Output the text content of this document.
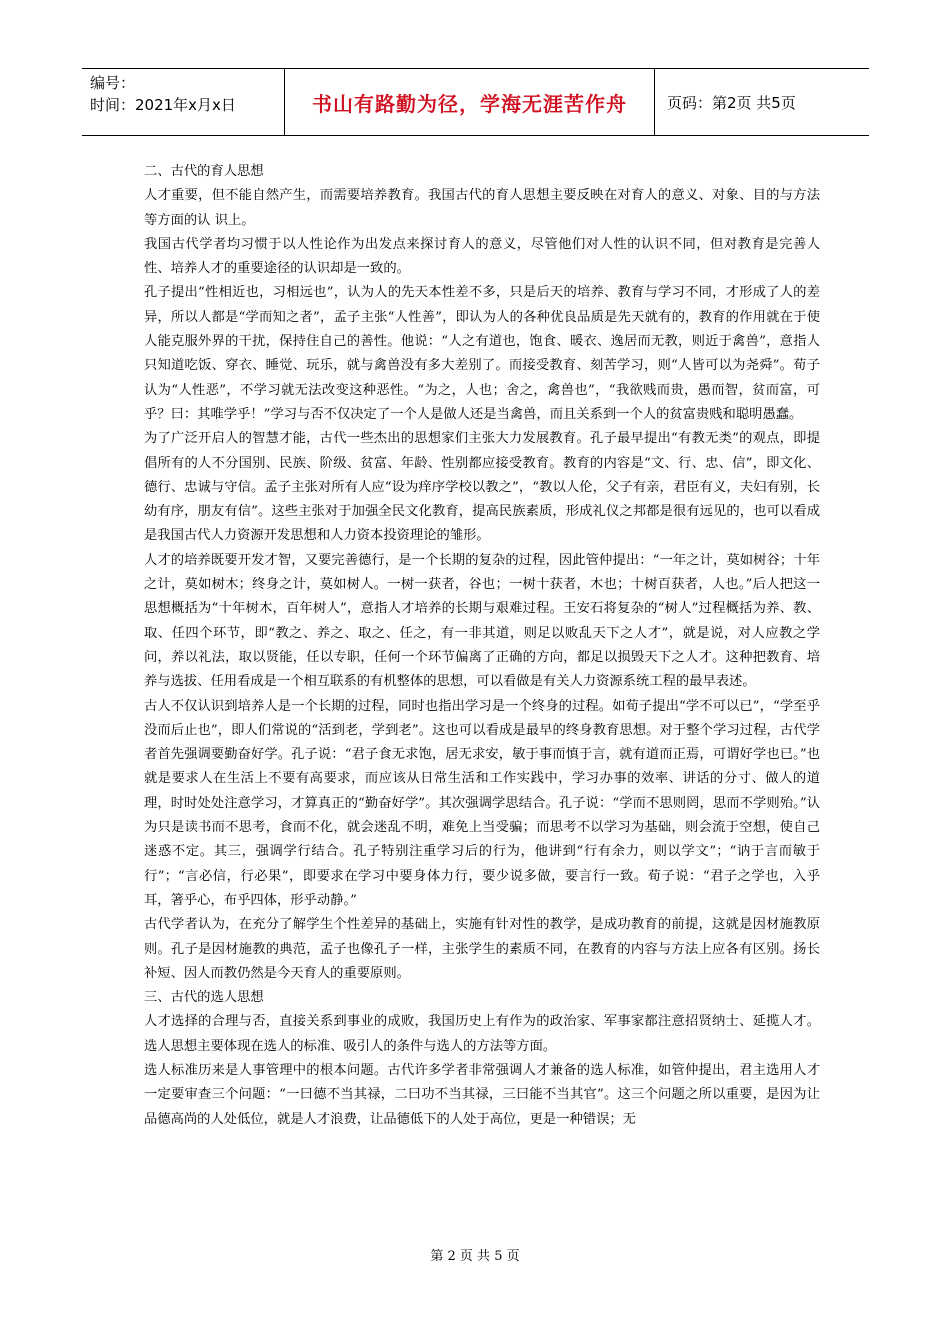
编号：
时间：2021年x月x日	书山有路勤为径，学海无涯苦作舟	页码：第2页 共5页

二、古代的育人思想

人才重要，但不能自然产生，而需要培养教育。我国古代的育人思想主要反映在对育人的意义、对象、目的与方法等方面的认 识上。

我国古代学者均习惯于以人性论作为出发点来探讨育人的意义，尽管他们对人性的认识不同，但对教育是完善人性、培养人才的重要途径的认识却是一致的。

孔子提出“性相近也，习相远也”，认为人的先天本性差不多，只是后天的培养、教育与学习不同，才形成了人的差异，所以人都是“学而知之者”，孟子主张“人性善”，即认为人的各种优良品质是先天就有的，教育的作用就在于使人能克服外界的干扰，保持住自己的善性。他说：“人之有道也，饱食、暖衣、逸居而无教，则近于禽兽”，意指人只知道吃饭、穿衣、睡觉、玩乐，就与禽兽没有多大差别了。而接受教育、刻苦学习，则“人皆可以为尧舜”。荀子认为“人性恶”，不学习就无法改变这种恶性。“为之，人也；舍之，禽兽也”，“我欲贱而贵，愚而智，贫而富，可乎？曰：其唯学乎！”学习与否不仅决定了一个人是做人还是当禽兽，而且关系到一个人的贫富贵贱和聪明愚蠢。

为了广泛开启人的智慧才能，古代一些杰出的思想家们主张大力发展教育。孔子最早提出“有教无类”的观点，即提倡所有的人不分国别、民族、阶级、贫富、年龄、性别都应接受教育。教育的内容是“文、行、忠、信”，即文化、德行、忠诚与守信。孟子主张对所有人应“设为痒序学校以教之”，“教以人伦，父子有亲，君臣有义，夫妇有别，长幼有序，朋友有信”。这些主张对于加强全民文化教育，提高民族素质，形成礼仪之邦都是很有远见的，也可以看成是我国古代人力资源开发思想和人力资本投资理论的雏形。

人才的培养既要开发才智，又要完善德行，是一个长期的复杂的过程，因此管仲提出：“一年之计，莫如树谷；十年之计，莫如树木；终身之计，莫如树人。一树一获者，谷也；一树十获者，木也；十树百获者，人也。”后人把这一思想概括为“十年树木，百年树人”，意指人才培养的长期与艰难过程。王安石将复杂的“树人”过程概括为养、教、取、任四个环节，即“教之、养之、取之、任之，有一非其道，则足以败乱天下之人才”，就是说，对人应教之学问，养以礼法，取以贤能，任以专职，任何一个环节偏离了正确的方向，都足以损毁天下之人才。这种把教育、培养与选拔、任用看成是一个相互联系的有机整体的思想，可以看做是有关人力资源系统工程的最早表述。

古人不仅认识到培养人是一个长期的过程，同时也指出学习是一个终身的过程。如荀子提出“学不可以已”，“学至乎没而后止也”，即人们常说的“活到老，学到老”。这也可以看成是最早的终身教育思想。对于整个学习过程，古代学者首先强调要勤奋好学。孔子说：“君子食无求饱，居无求安，敏于事而慎于言，就有道而正焉，可谓好学也已。”也就是要求人在生活上不要有高要求，而应该从日常生活和工作实践中，学习办事的效率、讲话的分寸、做人的道理，时时处处注意学习，才算真正的“勤奋好学”。其次强调学思结合。孔子说：“学而不思则罔，思而不学则殆。”认为只是读书而不思考，食而不化，就会迷乱不明，难免上当受骗；而思考不以学习为基础，则会流于空想，使自己迷惑不定。其三，强调学行结合。孔子特别注重学习后的行为，他讲到“行有余力，则以学文”；“讷于言而敏于行”；“言必信，行必果”，即要求在学习中要身体力行，要少说多做，要言行一致。荀子说：“君子之学也，入乎耳，箸乎心，布乎四体，形乎动静。”

古代学者认为，在充分了解学生个性差异的基础上，实施有针对性的教学，是成功教育的前提，这就是因材施教原则。孔子是因材施教的典范，孟子也像孔子一样，主张学生的素质不同，在教育的内容与方法上应各有区别。扬长补短、因人而教仍然是今天育人的重要原则。

三、古代的选人思想

人才选择的合理与否，直接关系到事业的成败，我国历史上有作为的政治家、军事家都注意招贤纳士、延揽人才。选人思想主要体现在选人的标准、吸引人的条件与选人的方法等方面。

选人标准历来是人事管理中的根本问题。古代许多学者非常强调人才兼备的选人标准，如管仲提出，君主选用人才一定要审查三个问题：“一曰德不当其禄，二曰功不当其禄，三曰能不当其官”。这三个问题之所以重要，是因为让品德高尚的人处低位，就是人才浪费，让品德低下的人处于高位，更是一种错误；无

第 2 页 共 5 页
